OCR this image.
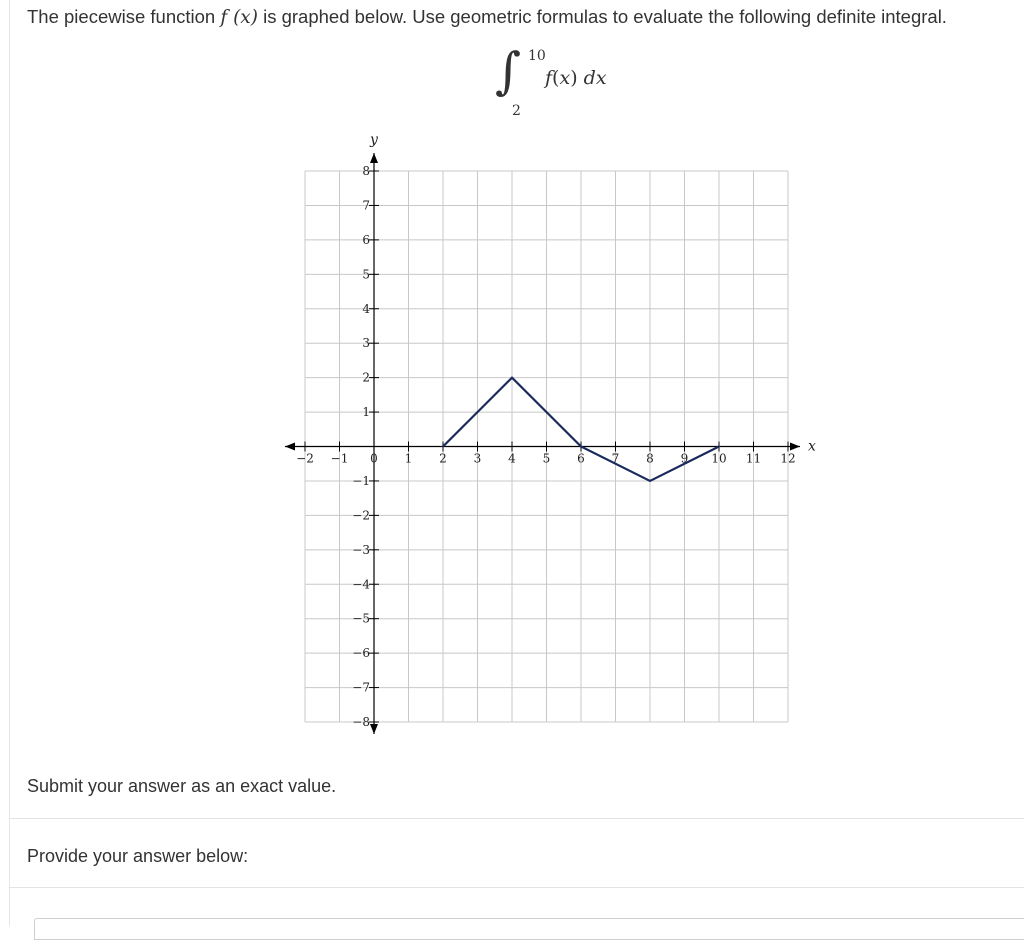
The piecewise function f (x) is graphed below. Use geometric formulas to evaluate the following definite integral.
∫ 10
2
f(x) dx
−2 −1 0 1 2 3 4 5 6 7 8 9 10 11 12
8
7
6
5
4
3
2
1
−1
−2
−3
−4
−5
−6
−7
−8
x
y
Submit your answer as an exact value.
Provide your answer below:
